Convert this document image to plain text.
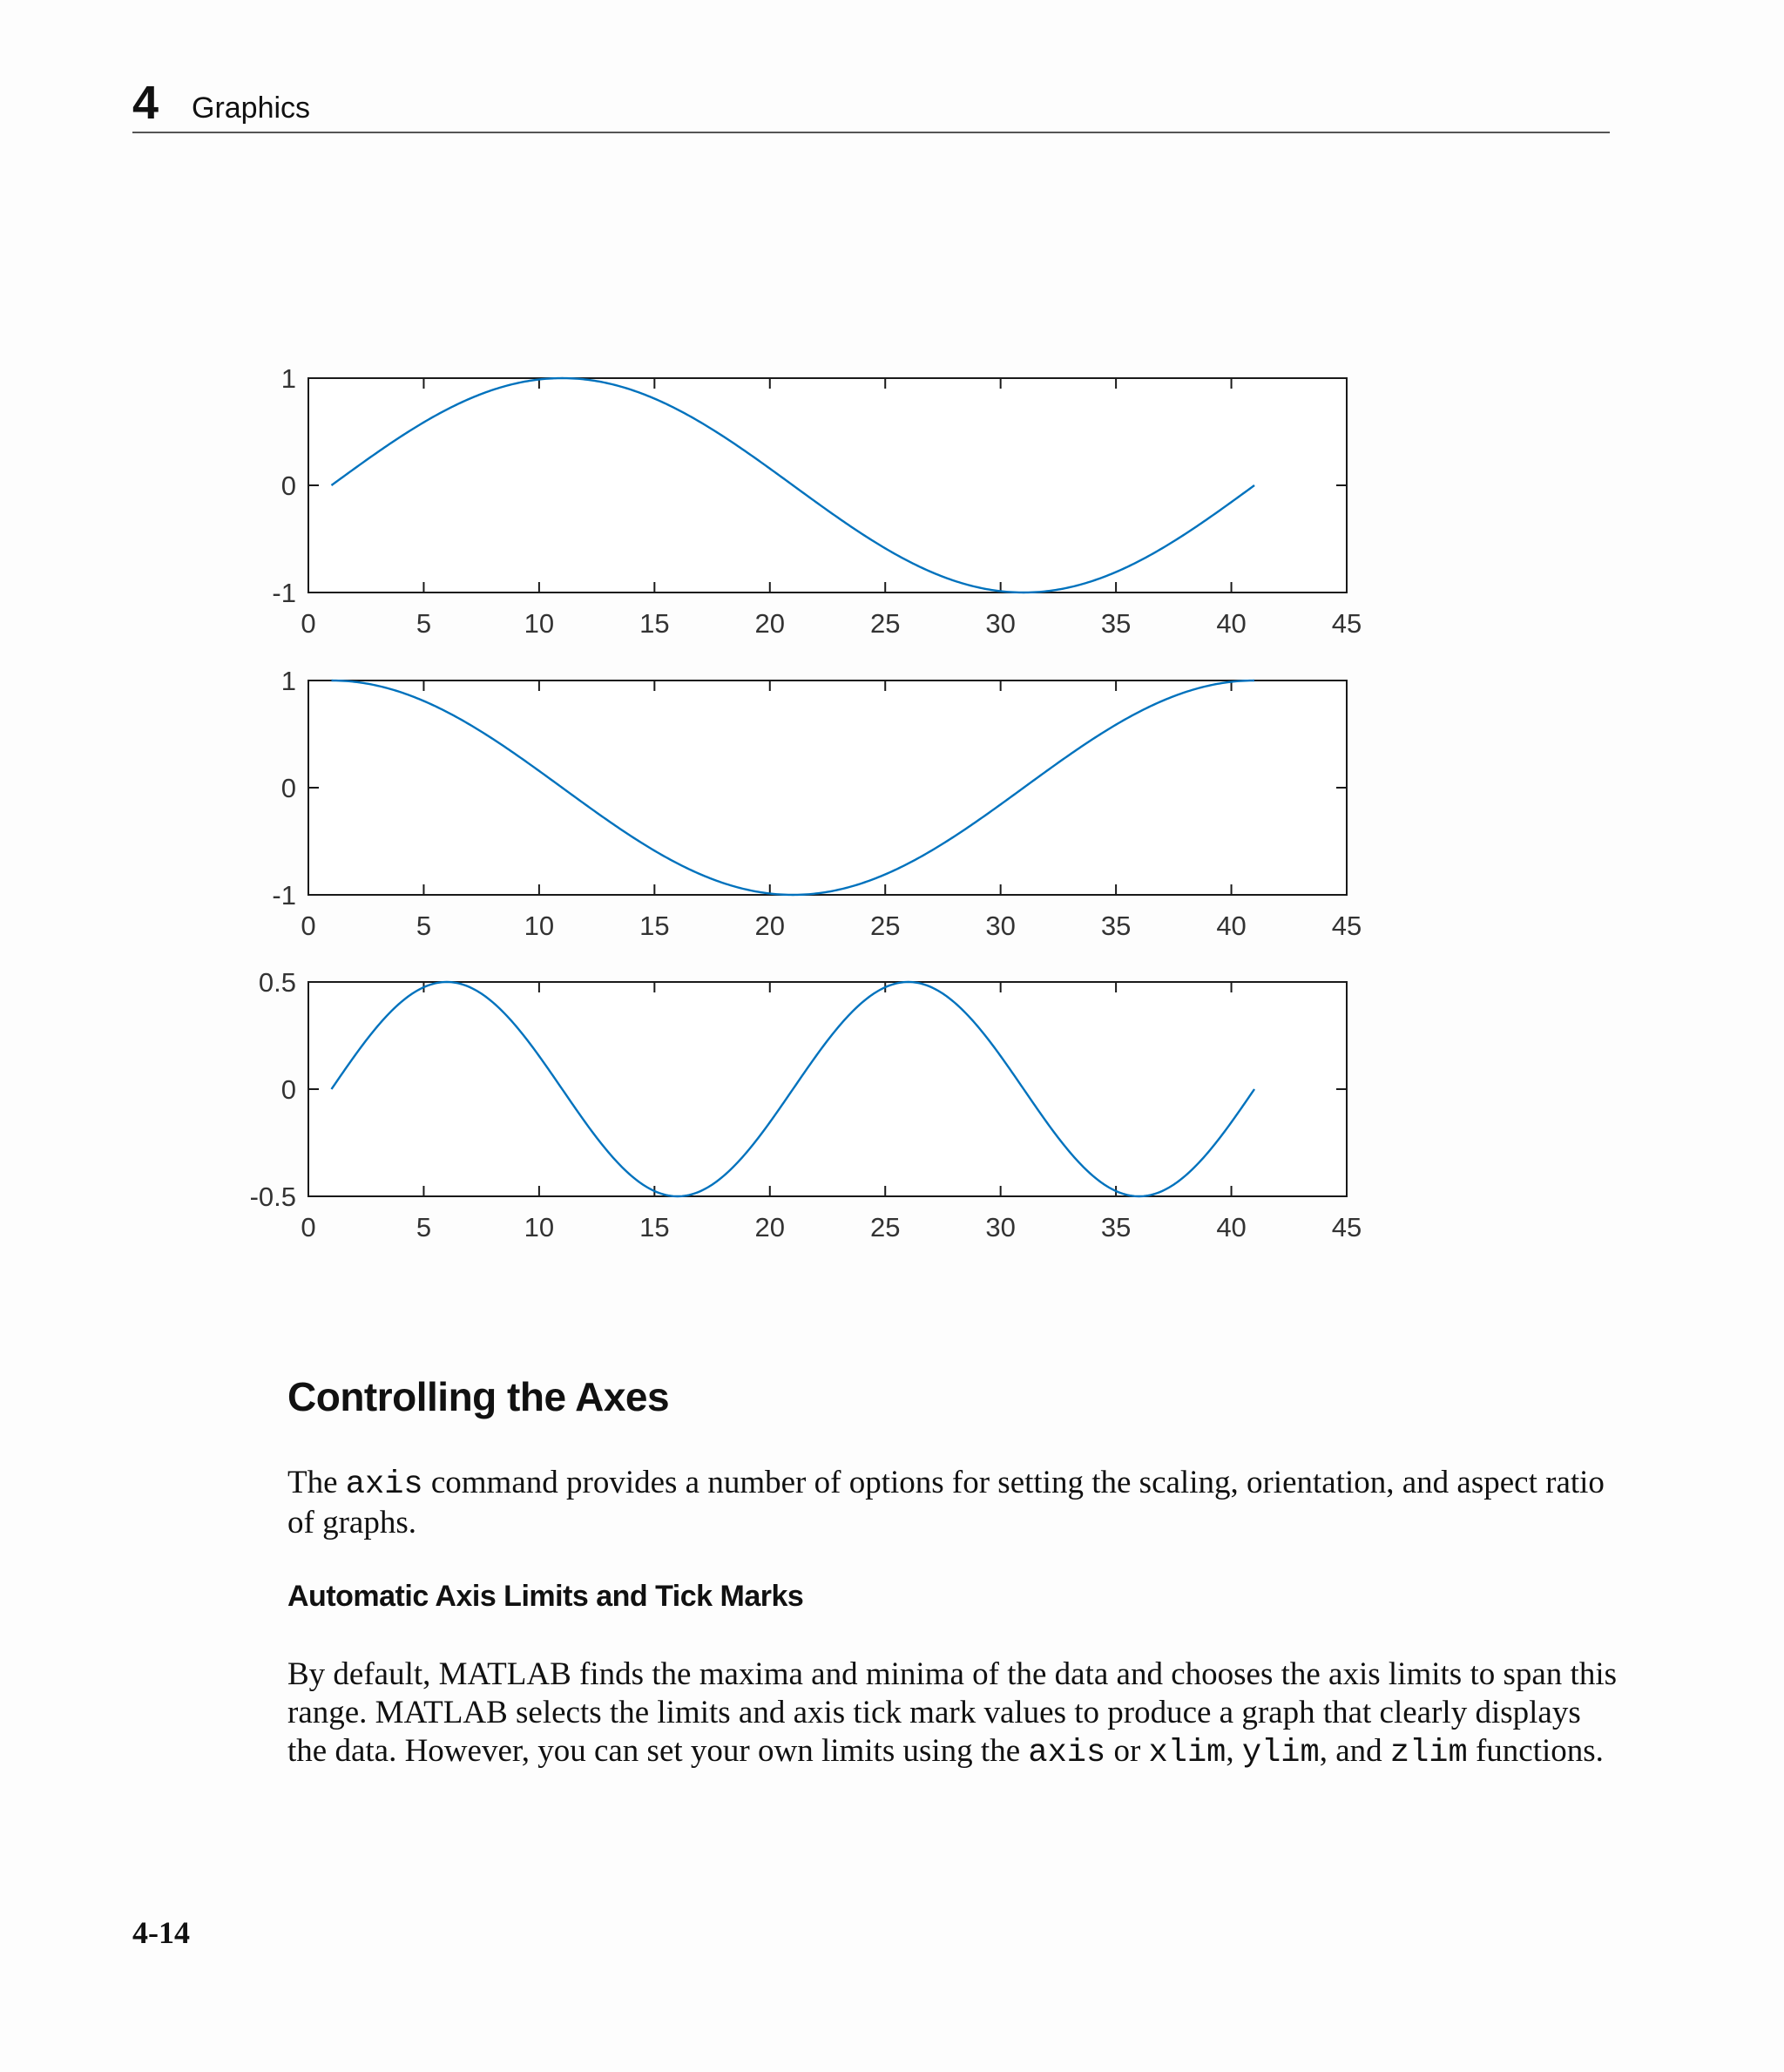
4 Graphics
0	5	10	15	20	25	30	35	40	45
-1
0
1
0	5	10	15	20	25	30	35	40	45
-1
0
1
0	5	10	15	20	25	30	35	40	45
-0.5
0
0.5
Controlling the Axes

The axis command provides a number of options for setting the scaling, orientation, and aspect ratio of graphs.

Automatic Axis Limits and Tick Marks

By default, MATLAB finds the maxima and minima of the data and chooses the axis limits to span this range. MATLAB selects the limits and axis tick mark values to produce a graph that clearly displays the data. However, you can set your own limits using the axis or xlim, ylim, and zlim functions.

4-14
